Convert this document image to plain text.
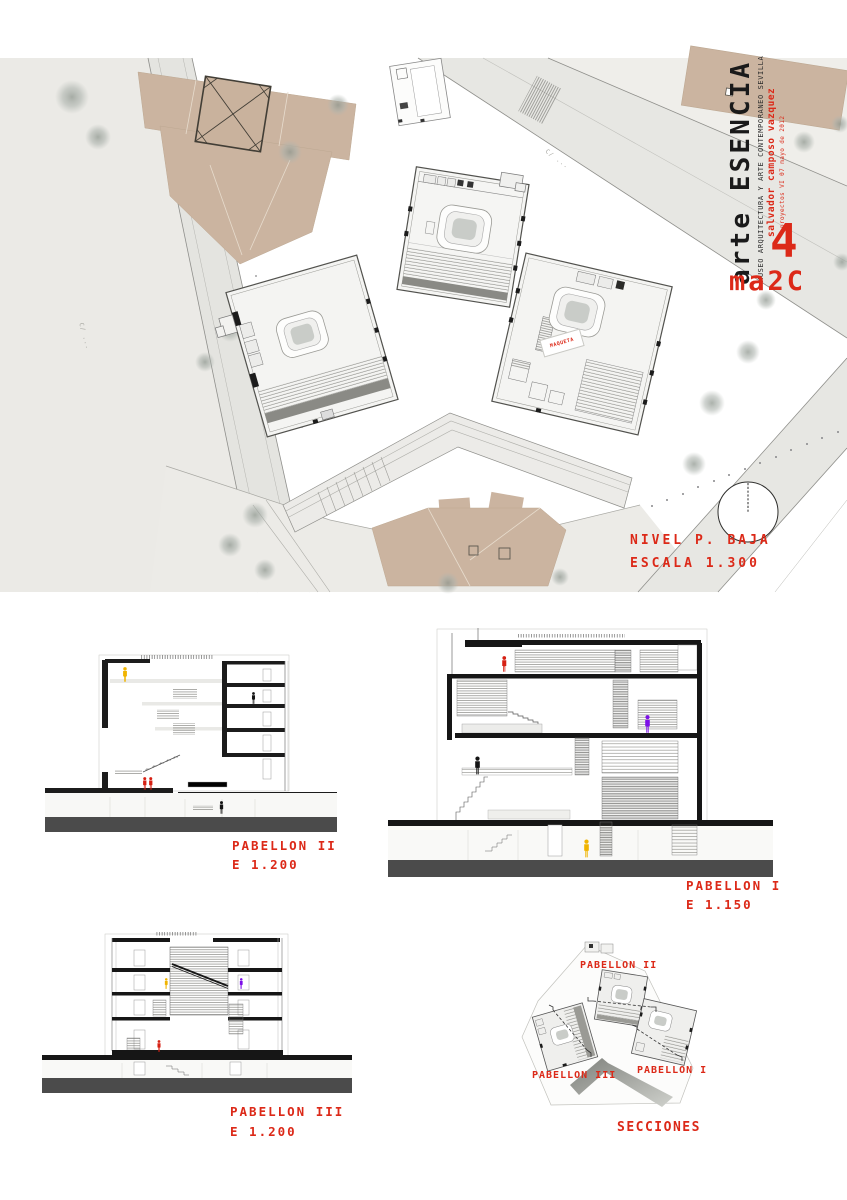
MAQUETA
C/ ...
C/ ...	arte ESENCIA MUSEO ARQUITECTURA Y ARTE CONTEMPORANEO SEVILLA salvador camposo vazquez proyectos VI 07 mayo de 2012
4
ma2C
NIVEL P. BAJA
ESCALA 1.300
PABELLON II
E 1.200
PABELLON I
E 1.150
PABELLON III
E 1.200
PABELLON II
PABELLON III PABELLON I
SECCIONES
